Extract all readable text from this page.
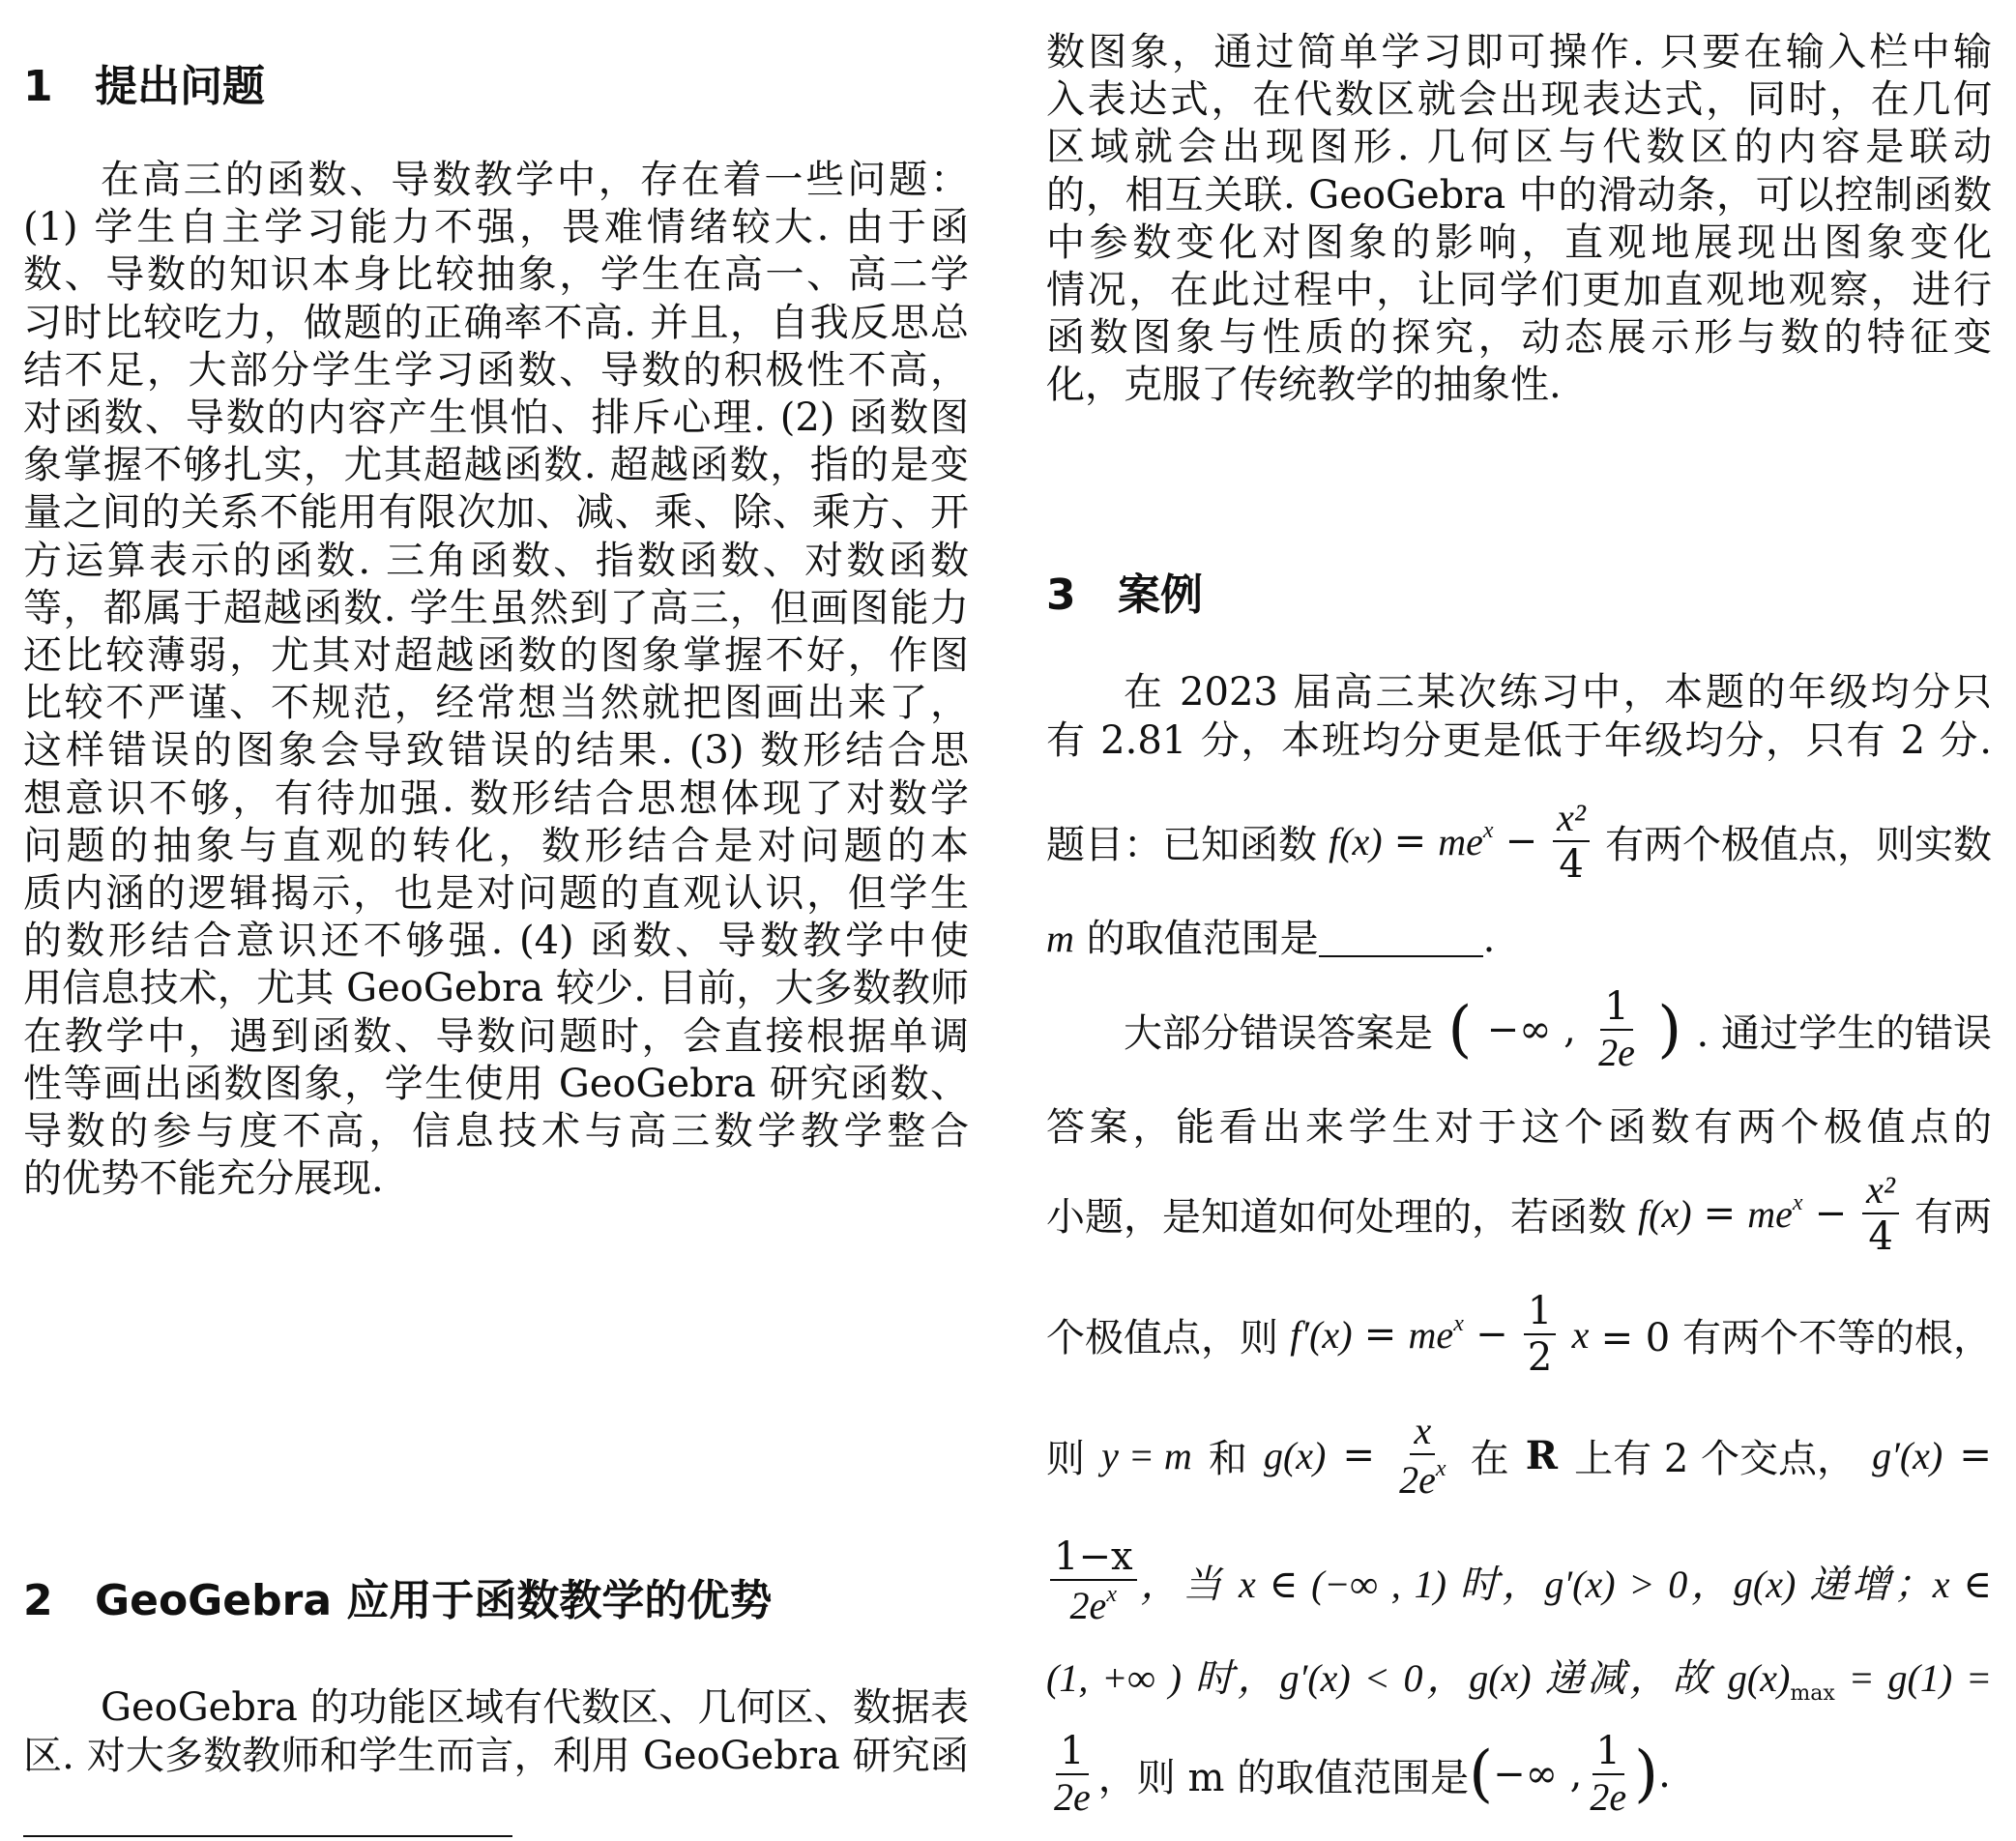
1 提出问题
在高三的函数、导数教学中，存在着一些问题：
(1) 学生自主学习能力不强，畏难情绪较大. 由于函
数、导数的知识本身比较抽象，学生在高一、高二学
习时比较吃力，做题的正确率不高. 并且，自我反思总
结不足，大部分学生学习函数、导数的积极性不高，
对函数、导数的内容产生惧怕、排斥心理. (2) 函数图
象掌握不够扎实，尤其超越函数. 超越函数，指的是变
量之间的关系不能用有限次加、减、乘、除、乘方、开
方运算表示的函数. 三角函数、指数函数、对数函数
等，都属于超越函数. 学生虽然到了高三，但画图能力
还比较薄弱，尤其对超越函数的图象掌握不好，作图
比较不严谨、不规范，经常想当然就把图画出来了，
这样错误的图象会导致错误的结果. (3) 数形结合思
想意识不够，有待加强. 数形结合思想体现了对数学
问题的抽象与直观的转化，数形结合是对问题的本
质内涵的逻辑揭示，也是对问题的直观认识，但学生
的数形结合意识还不够强. (4) 函数、导数教学中使
用信息技术，尤其 GeoGebra 较少. 目前，大多数教师
在教学中，遇到函数、导数问题时，会直接根据单调
性等画出函数图象，学生使用 GeoGebra 研究函数、
导数的参与度不高，信息技术与高三数学教学整合
的优势不能充分展现.
2 GeoGebra 应用于函数教学的优势
GeoGebra 的功能区域有代数区、几何区、数据表
区. 对大多数教师和学生而言，利用 GeoGebra 研究函
数图象，通过简单学习即可操作. 只要在输入栏中输
入表达式，在代数区就会出现表达式，同时，在几何
区域就会出现图形. 几何区与代数区的内容是联动
的，相互关联. GeoGebra 中的滑动条，可以控制函数
中参数变化对图象的影响，直观地展现出图象变化
情况，在此过程中，让同学们更加直观地观察，进行
函数图象与性质的探究，动态展示形与数的特征变
化，克服了传统教学的抽象性.
3 案例
在 2023 届高三某次练习中，本题的年级均分只
有 2.81 分，本班均分更是低于年级均分，只有 2 分.
题目：已知函数 $f(x) = me^x - \frac{\text{x²}}{4}$ 有两个极值点，则实数
m 的取值范围是	.
大部分错误答案是 ( −∞ , $\frac{1}{2e}$ ) . 通过学生的错误
答案，能看出来学生对于这个函数有两个极值点的
小题，是知道如何处理的，若函数 $f(x) = me^x - \frac{\text{x²}}{4}$ 有两
个极值点，则 $f'(x) = me^x - \frac{1}{2}$ x = 0 有两个不等的根，
则 y = m 和 $g(x) = \frac{x}{2e^x}$ 在 R 上有 2 个交点， g′(x) =
$\frac{1-x}{2e^x}$ ，当 x ∈ (−∞ , 1) 时，g′(x) > 0，g(x) 递增；x ∈
(1, +∞ ) 时，g′(x) < 0，g(x) 递减，故 $g(x)_{max} = g(1)$ =
$\frac{1}{2e}$ ，则 m 的取值范围是 ( −∞ , $\frac{1}{2e}$ ) .
